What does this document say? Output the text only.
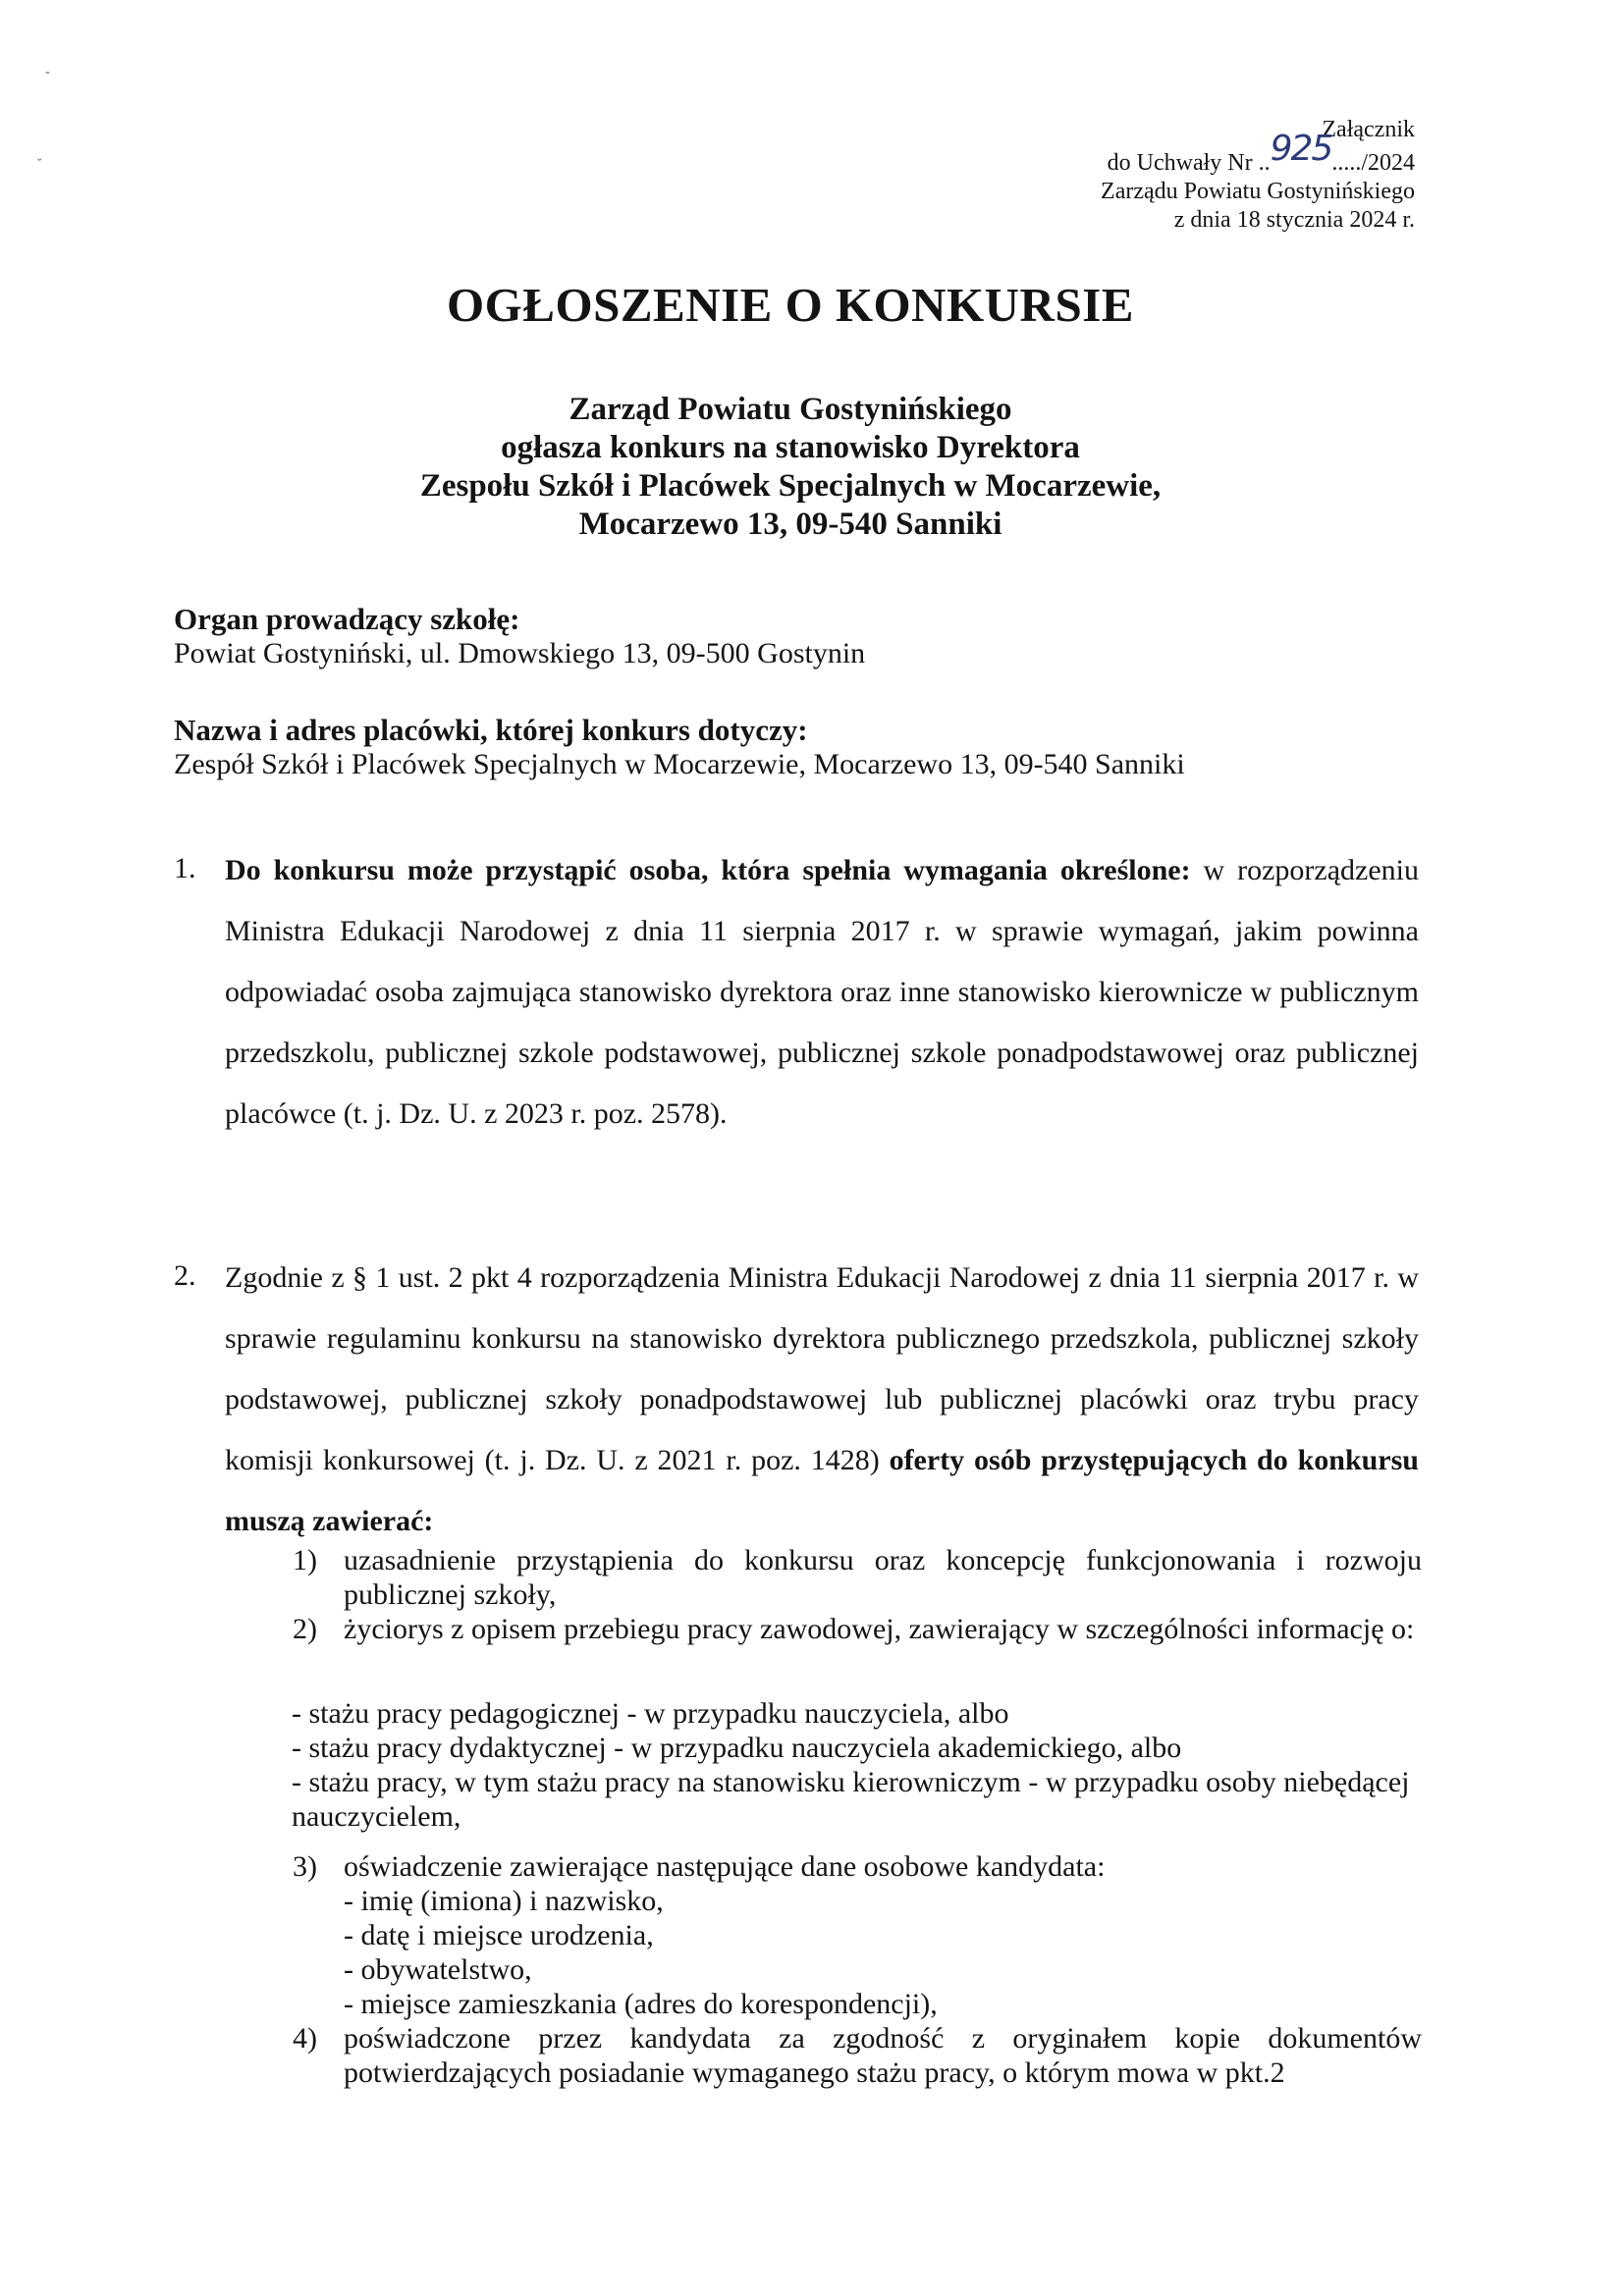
-
ˇ
Załącznik
do Uchwały Nr ..925...../2024
Zarządu Powiatu Gostynińskiego
z dnia 18 stycznia 2024 r.
OGŁOSZENIE O KONKURSIE
Zarząd Powiatu Gostynińskiego
ogłasza konkurs na stanowisko Dyrektora
Zespołu Szkół i Placówek Specjalnych w Mocarzewie,
Mocarzewo 13, 09-540 Sanniki
Organ prowadzący szkołę:
Powiat Gostyniński, ul. Dmowskiego 13, 09-500 Gostynin
Nazwa i adres placówki, której konkurs dotyczy:
Zespół Szkół i Placówek Specjalnych w Mocarzewie, Mocarzewo 13, 09-540 Sanniki
1. Do konkursu może przystąpić osoba, która spełnia wymagania określone: w rozporządzeniu Ministra Edukacji Narodowej z dnia 11 sierpnia 2017 r. w sprawie wymagań, jakim powinna odpowiadać osoba zajmująca stanowisko dyrektora oraz inne stanowisko kierownicze w publicznym przedszkolu, publicznej szkole podstawowej, publicznej szkole ponadpodstawowej oraz publicznej placówce (t. j. Dz. U. z 2023 r. poz. 2578).
2. Zgodnie z § 1 ust. 2 pkt 4 rozporządzenia Ministra Edukacji Narodowej z dnia 11 sierpnia 2017 r. w sprawie regulaminu konkursu na stanowisko dyrektora publicznego przedszkola, publicznej szkoły podstawowej, publicznej szkoły ponadpodstawowej lub publicznej placówki oraz trybu pracy komisji konkursowej (t. j. Dz. U. z 2021 r. poz. 1428) oferty osób przystępujących do konkursu muszą zawierać:
1) uzasadnienie przystąpienia do konkursu oraz koncepcję funkcjonowania i rozwoju publicznej szkoły,
2) życiorys z opisem przebiegu pracy zawodowej, zawierający w szczególności informację o:
- stażu pracy pedagogicznej - w przypadku nauczyciela, albo
- stażu pracy dydaktycznej - w przypadku nauczyciela akademickiego, albo
- stażu pracy, w tym stażu pracy na stanowisku kierowniczym - w przypadku osoby niebędącej nauczycielem,
3) oświadczenie zawierające następujące dane osobowe kandydata:
- imię (imiona) i nazwisko,
- datę i miejsce urodzenia,
- obywatelstwo,
- miejsce zamieszkania (adres do korespondencji),
4) poświadczone przez kandydata za zgodność z oryginałem kopie dokumentów potwierdzających posiadanie wymaganego stażu pracy, o którym mowa w pkt.2
